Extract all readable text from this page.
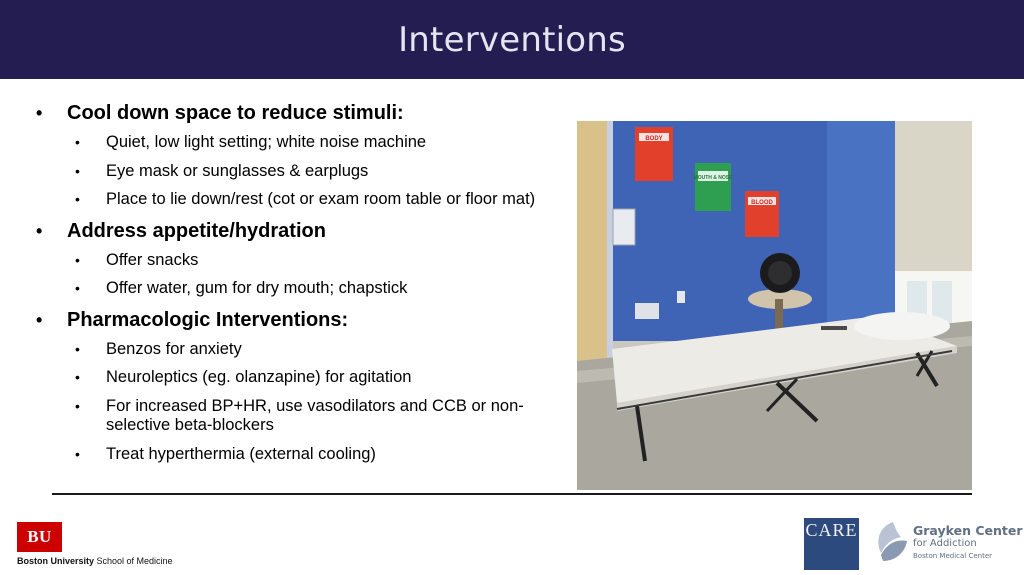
Interventions
•	Cool down space to reduce stimuli:
•	Quiet, low light setting; white noise machine
•	Eye mask or sunglasses & earplugs
•	Place to lie down/rest (cot or exam room table or floor mat)
•	Address appetite/hydration
•	Offer snacks
•	Offer water, gum for dry mouth; chapstick
•	Pharmacologic Interventions:
•	Benzos for anxiety
•	Neuroleptics (eg. olanzapine) for agitation
•	For increased BP+HR, use vasodilators and CCB or non-selective beta-blockers
•	Treat hyperthermia (external cooling)
BODY
MOUTH & NOSE
BLOOD
BU
Boston University School of Medicine
CARE	Grayken Center
for Addiction
Boston Medical Center
